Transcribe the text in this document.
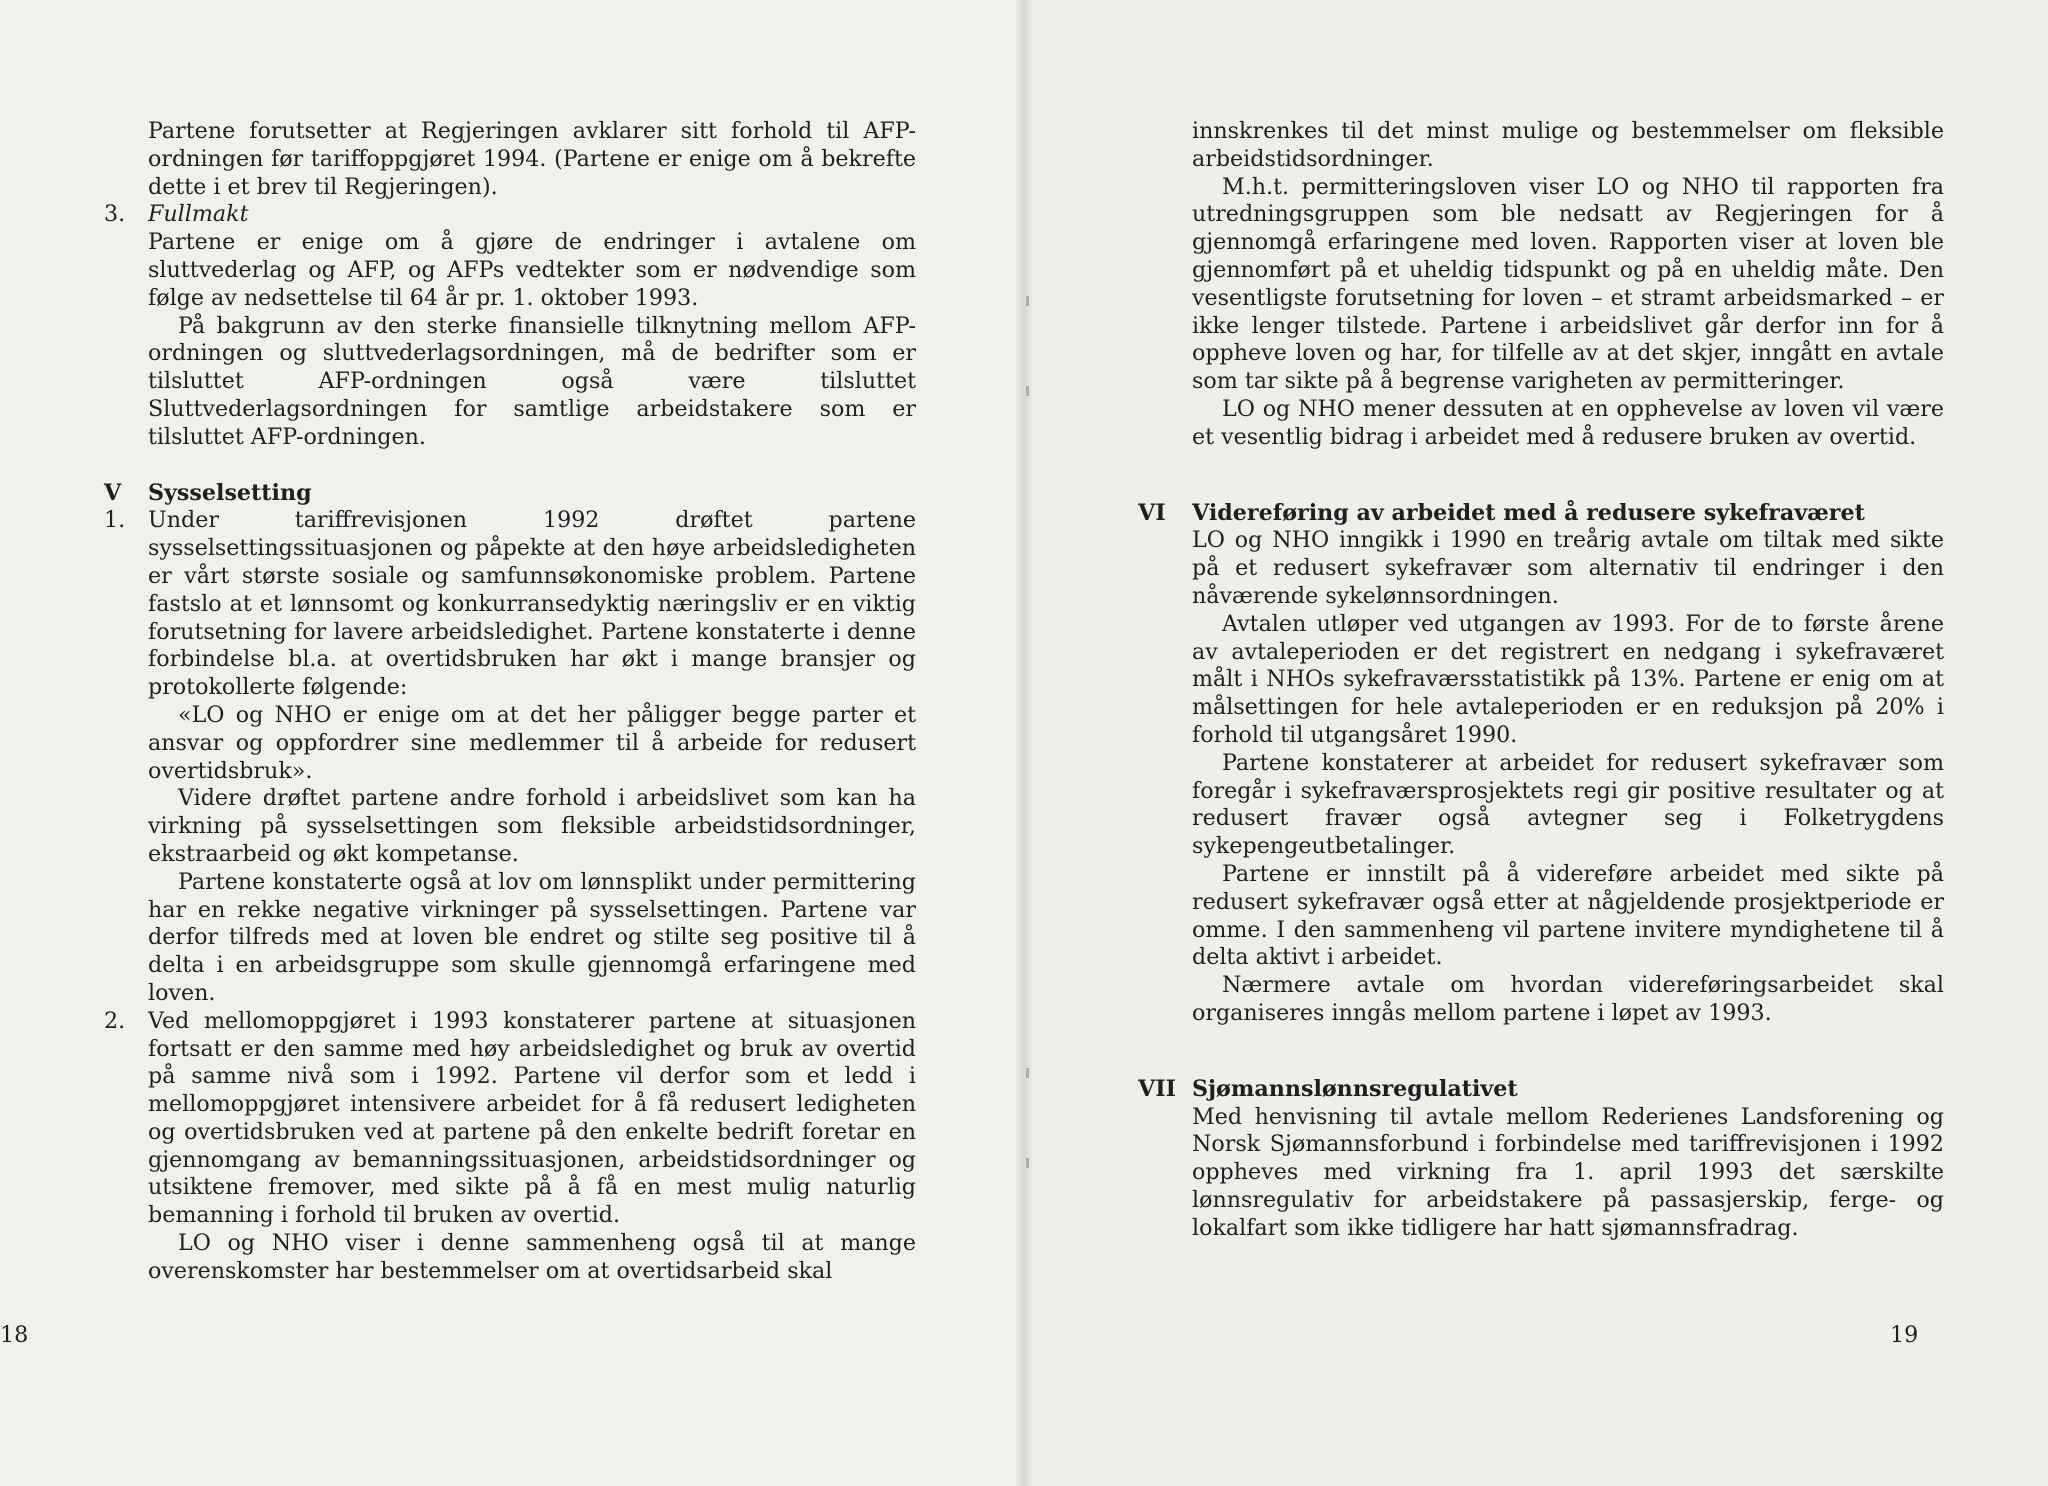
Partene forutsetter at Regjeringen avklarer sitt forhold til AFP-ordningen før tariffoppgjøret 1994. (Partene er enige om å bekrefte dette i et brev til Regjeringen).

3.	Fullmakt

Partene er enige om å gjøre de endringer i avtalene om sluttvederlag og AFP, og AFPs vedtekter som er nødvendige som følge av nedsettelse til 64 år pr. 1. oktober 1993.

På bakgrunn av den sterke finansielle tilknytning mellom AFP-ordningen og sluttvederlagsordningen, må de bedrifter som er tilsluttet AFP-ordningen også være tilsluttet Sluttvederlagsordningen for samtlige arbeidstakere som er tilsluttet AFP-ordningen.

V Sysselsetting
1.	Under tariffrevisjonen 1992 drøftet partene sysselsettingssituasjonen og påpekte at den høye arbeidsledigheten er vårt største sosiale og samfunnsøkonomiske problem. Partene fastslo at et lønnsomt og konkurransedyktig næringsliv er en viktig forutsetning for lavere arbeidsledighet. Partene konstaterte i denne forbindelse bl.a. at overtidsbruken har økt i mange bransjer og protokollerte følgende:

«LO og NHO er enige om at det her påligger begge parter et ansvar og oppfordrer sine medlemmer til å arbeide for redusert overtidsbruk».

Videre drøftet partene andre forhold i arbeidslivet som kan ha virkning på sysselsettingen som fleksible arbeidstidsordninger, ekstraarbeid og økt kompetanse.

Partene konstaterte også at lov om lønnsplikt under permittering har en rekke negative virkninger på sysselsettingen. Partene var derfor tilfreds med at loven ble endret og stilte seg positive til å delta i en arbeidsgruppe som skulle gjennomgå erfaringene med loven.

2.	Ved mellomoppgjøret i 1993 konstaterer partene at situasjonen fortsatt er den samme med høy arbeidsledighet og bruk av overtid på samme nivå som i 1992. Partene vil derfor som et ledd i mellomoppgjøret intensivere arbeidet for å få redusert ledigheten og overtidsbruken ved at partene på den enkelte bedrift foretar en gjennomgang av bemanningssituasjonen, arbeidstidsordninger og utsiktene fremover, med sikte på å få en mest mulig naturlig bemanning i forhold til bruken av overtid.

LO og NHO viser i denne sammenheng også til at mange overenskomster har bestemmelser om at overtidsarbeid skal

innskrenkes til det minst mulige og bestemmelser om fleksible arbeidstidsordninger.

M.h.t. permitteringsloven viser LO og NHO til rapporten fra utredningsgruppen som ble nedsatt av Regjeringen for å gjennomgå erfaringene med loven. Rapporten viser at loven ble gjennomført på et uheldig tidspunkt og på en uheldig måte. Den vesentligste forutsetning for loven – et stramt arbeidsmarked – er ikke lenger tilstede. Partene i arbeidslivet går derfor inn for å oppheve loven og har, for tilfelle av at det skjer, inngått en avtale som tar sikte på å begrense varigheten av permitteringer.

LO og NHO mener dessuten at en opphevelse av loven vil være et vesentlig bidrag i arbeidet med å redusere bruken av overtid.

VI Videreføring av arbeidet med å redusere sykefraværet

LO og NHO inngikk i 1990 en treårig avtale om tiltak med sikte på et redusert sykefravær som alternativ til endringer i den nåværende sykelønnsordningen.

Avtalen utløper ved utgangen av 1993. For de to første årene av avtaleperioden er det registrert en nedgang i sykefraværet målt i NHOs sykefraværsstatistikk på 13%. Partene er enig om at målsettingen for hele avtaleperioden er en reduksjon på 20% i forhold til utgangsåret 1990.

Partene konstaterer at arbeidet for redusert sykefravær som foregår i sykefraværsprosjektets regi gir positive resultater og at redusert fravær også avtegner seg i Folketrygdens sykepengeutbetalinger.

Partene er innstilt på å videreføre arbeidet med sikte på redusert sykefravær også etter at någjeldende prosjektperiode er omme. I den sammenheng vil partene invitere myndighetene til å delta aktivt i arbeidet.

Nærmere avtale om hvordan videreføringsarbeidet skal organiseres inngås mellom partene i løpet av 1993.

VII Sjømannslønnsregulativet

Med henvisning til avtale mellom Rederienes Landsforening og Norsk Sjømannsforbund i forbindelse med tariffrevisjonen i 1992 oppheves med virkning fra 1. april 1993 det særskilte lønnsregulativ for arbeidstakere på passasjerskip, ferge- og lokalfart som ikke tidligere har hatt sjømannsfradrag.

18	19
